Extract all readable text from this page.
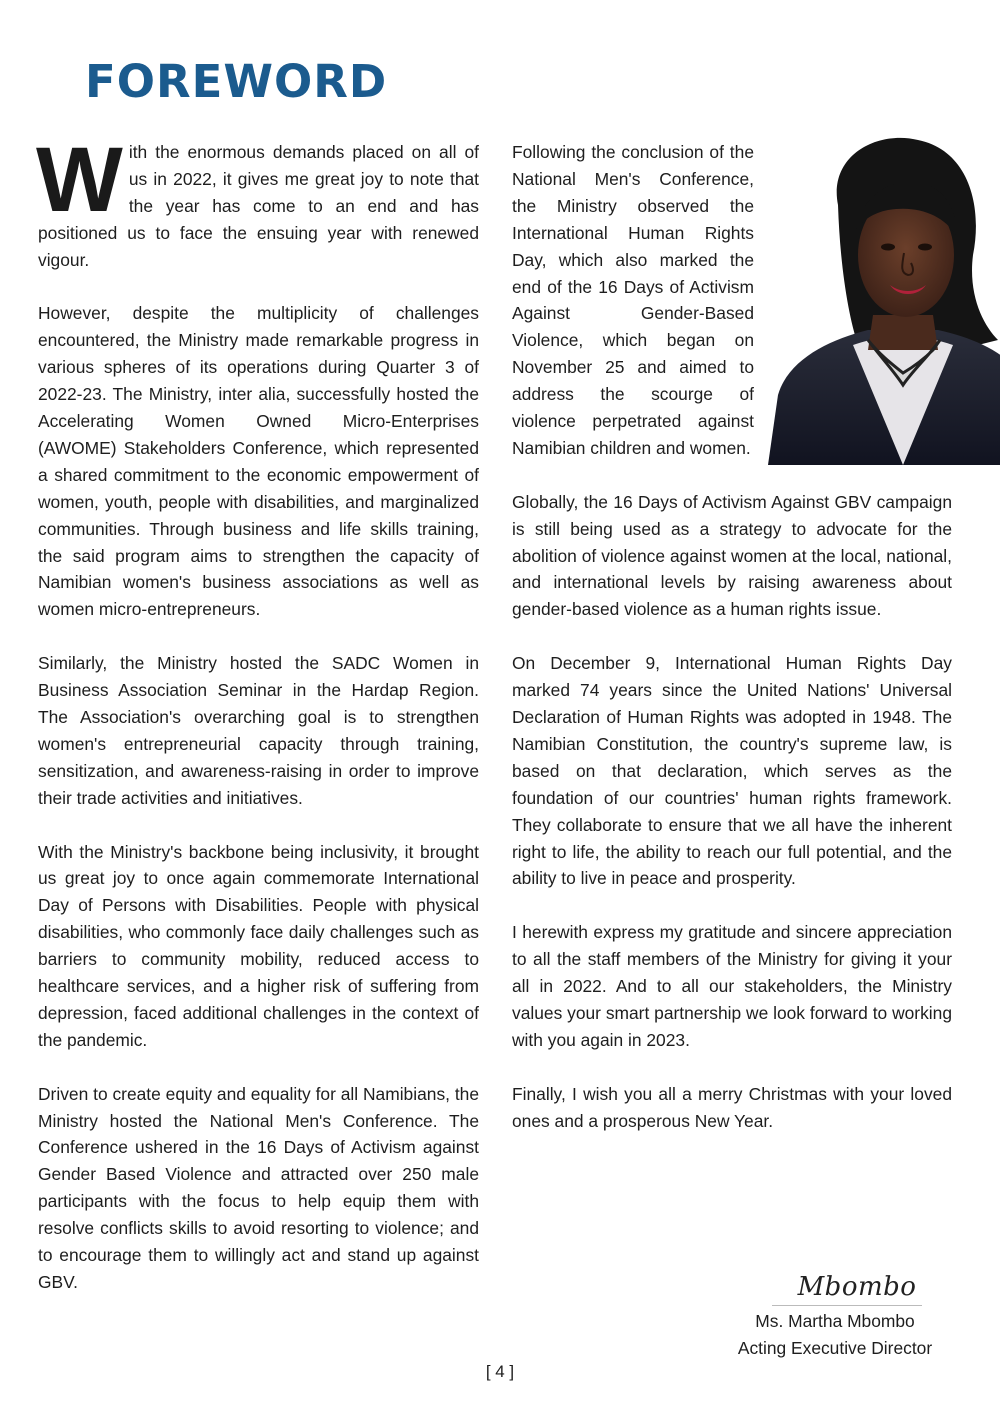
FOREWORD

With the enormous demands placed on all of us in 2022, it gives me great joy to note that the year has come to an end and has positioned us to face the ensuing year with renewed vigour.

However, despite the multiplicity of challenges encountered, the Ministry made remarkable progress in various spheres of its operations during Quarter 3 of 2022-23. The Ministry, inter alia, successfully hosted the Accelerating Women Owned Micro-Enterprises (AWOME) Stakeholders Conference, which represented a shared commitment to the economic empowerment of women, youth, people with disabilities, and marginalized communities. Through business and life skills training, the said program aims to strengthen the capacity of Namibian women's business associations as well as women micro-entrepreneurs.

Similarly, the Ministry hosted the SADC Women in Business Association Seminar in the Hardap Region. The Association's overarching goal is to strengthen women's entrepreneurial capacity through training, sensitization, and awareness-raising in order to improve their trade activities and initiatives.

With the Ministry's backbone being inclusivity, it brought us great joy to once again commemorate International Day of Persons with Disabilities. People with physical disabilities, who commonly face daily challenges such as barriers to community mobility, reduced access to healthcare services, and a higher risk of suffering from depression, faced additional challenges in the context of the pandemic.

Driven to create equity and equality for all Namibians, the Ministry hosted the National Men's Conference. The Conference ushered in the 16 Days of Activism against Gender Based Violence and attracted over 250 male participants with the focus to help equip them with resolve conflicts skills to avoid resorting to violence; and to encourage them to willingly act and stand up against GBV.

Following the conclusion of the National Men's Conference, the Ministry observed the International Human Rights Day, which also marked the end of the 16 Days of Activism Against Gender-Based Violence, which began on November 25 and aimed to address the scourge of violence perpetrated against Namibian children and women.

Globally, the 16 Days of Activism Against GBV campaign is still being used as a strategy to advocate for the abolition of violence against women at the local, national, and international levels by raising awareness about gender-based violence as a human rights issue.

On December 9, International Human Rights Day marked 74 years since the United Nations' Universal Declaration of Human Rights was adopted in 1948. The Namibian Constitution, the country's supreme law, is based on that declaration, which serves as the foundation of our countries' human rights framework. They collaborate to ensure that we all have the inherent right to life, the ability to reach our full potential, and the ability to live in peace and prosperity.

I herewith express my gratitude and sincere appreciation to all the staff members of the Ministry for giving it your all in 2022. And to all our stakeholders, the Ministry values your smart partnership we look forward to working with you again in 2023.

Finally, I wish you all a merry Christmas with your loved ones and a prosperous New Year.

Mbombo
Ms. Martha Mbombo
Acting Executive Director
[ 4 ]
